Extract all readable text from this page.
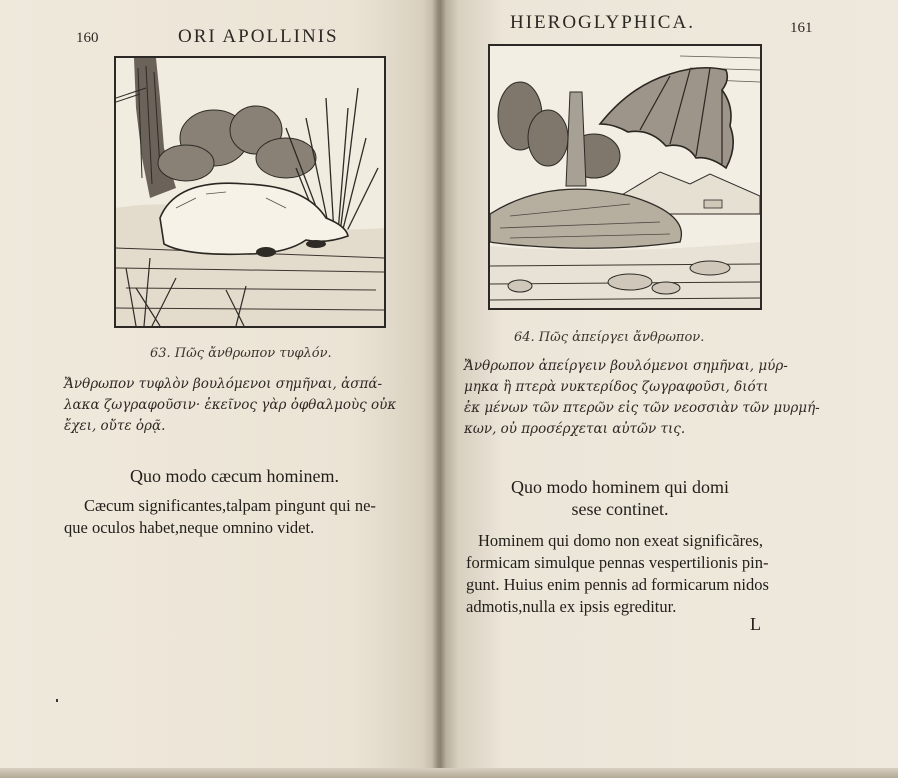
160	ORI APOLLINIS
63. Πῶς ἄνθρωπον τυφλόν.
Ἄνθρωπον τυφλὸν βουλόμενοι σημῆναι, ἀσπά-
λακα ζωγραφοῦσιν· ἐκεῖνος γὰρ ὀφθαλμοὺς οὐκ
ἔχει, οὔτε ὁρᾷ.
Quo modo cæcum hominem.
Cæcum significantes,talpam pingunt qui ne-
que oculos habet,neque omnino videt.
HIEROGLYPHICA.	161
64. Πῶς ἀπείργει ἄνθρωπον.
Ἄνθρωπον ἀπείργειν βουλόμενοι σημῆναι, μύρ-
μηκα ἢ πτερὰ νυκτερίδος ζωγραφοῦσι, διότι
ἐκ μένων τῶν πτερῶν εἰς τῶν νεοσσιὰν τῶν μυρμή-
κων, οὐ προσέρχεται αὐτῶν τις.
Quo modo hominem qui domi
sese continet.
Hominem qui domo non exeat significãres,
formicam simulque pennas vespertilionis pin-
gunt. Huius enim pennis ad formicarum nidos
admotis,nulla ex ipsis egreditur.
L
